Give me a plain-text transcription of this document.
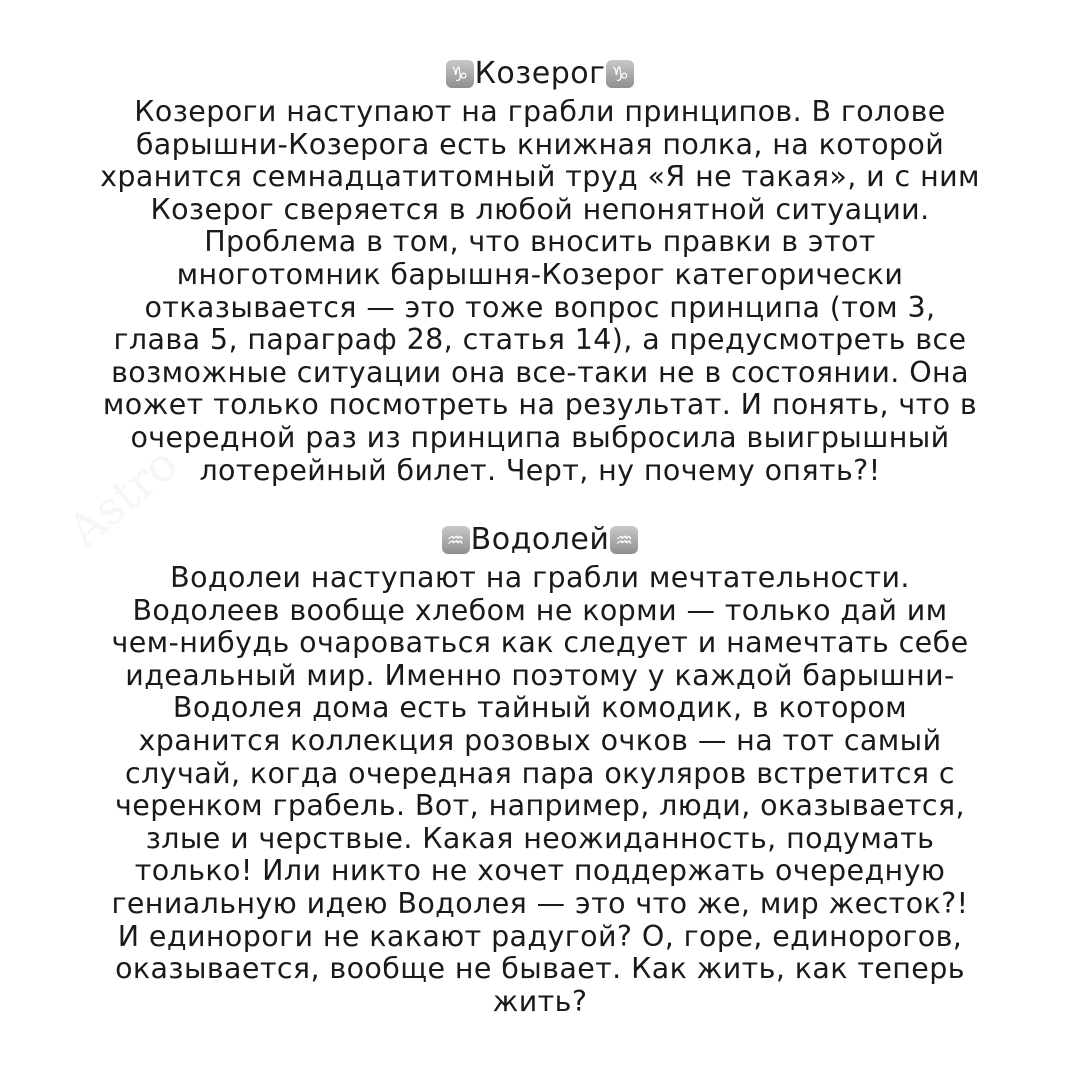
Astro
♑ Козерог ♑
Козероги наступают на грабли принципов. В голове
барышни-Козерога есть книжная полка, на которой
хранится семнадцатитомный труд «Я не такая», и с ним
Козерог сверяется в любой непонятной ситуации.
Проблема в том, что вносить правки в этот
многотомник барышня-Козерог категорически
отказывается — это тоже вопрос принципа (том 3,
глава 5, параграф 28, статья 14), а предусмотреть все
возможные ситуации она все-таки не в состоянии. Она
может только посмотреть на результат. И понять, что в
очередной раз из принципа выбросила выигрышный
лотерейный билет. Черт, ну почему опять?!
♒ Водолей ♒
Водолеи наступают на грабли мечтательности.
Водолеев вообще хлебом не корми — только дай им
чем-нибудь очароваться как следует и намечтать себе
идеальный мир. Именно поэтому у каждой барышни-
Водолея дома есть тайный комодик, в котором
хранится коллекция розовых очков — на тот самый
случай, когда очередная пара окуляров встретится с
черенком грабель. Вот, например, люди, оказывается,
злые и черствые. Какая неожиданность, подумать
только! Или никто не хочет поддержать очередную
гениальную идею Водолея — это что же, мир жесток?!
И единороги не какают радугой? О, горе, единорогов,
оказывается, вообще не бывает. Как жить, как теперь
жить?
